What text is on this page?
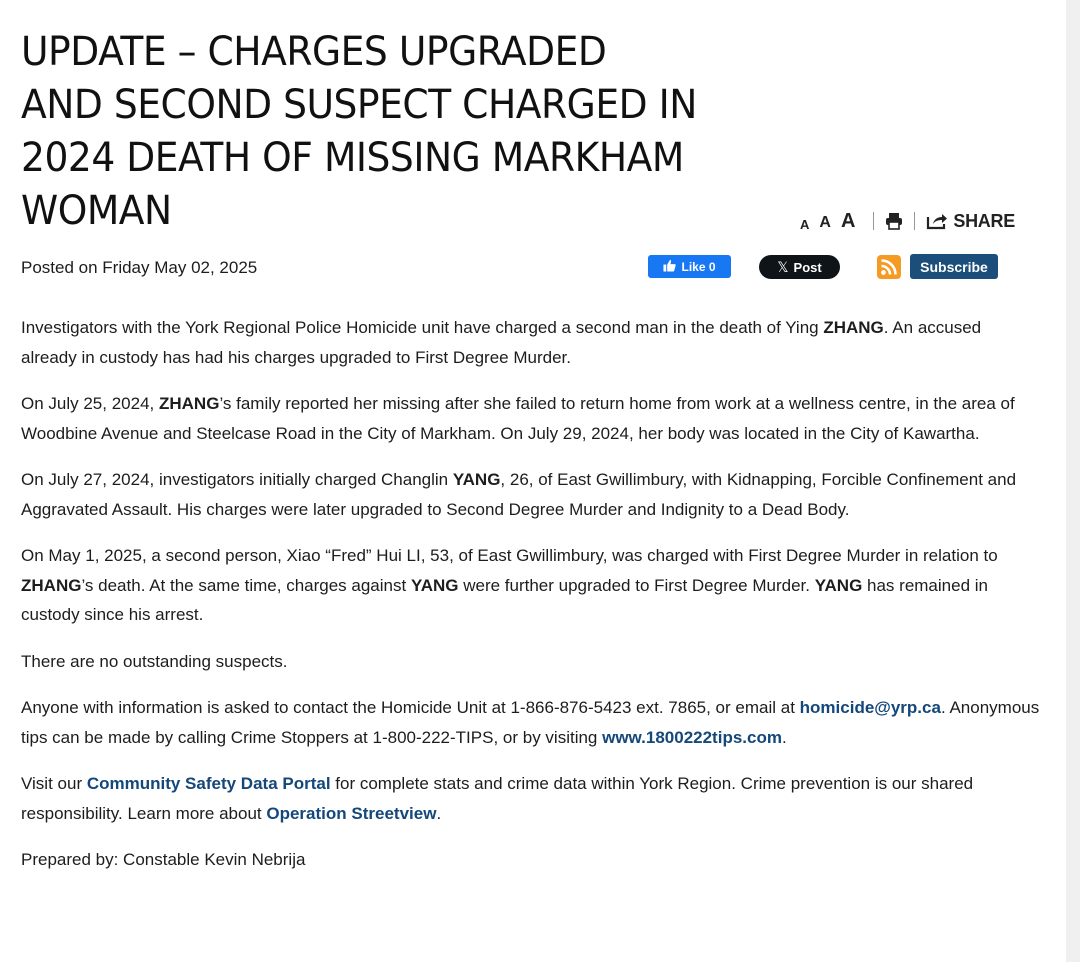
UPDATE – CHARGES UPGRADED AND SECOND SUSPECT CHARGED IN 2024 DEATH OF MISSING MARKHAM WOMAN	A A A	SHARE
Posted on Friday May 02, 2025	Like 0	𝕏 Post	Subscribe

Investigators with the York Regional Police Homicide unit have charged a second man in the death of Ying ZHANG. An accused already in custody has had his charges upgraded to First Degree Murder.

On July 25, 2024, ZHANG’s family reported her missing after she failed to return home from work at a wellness centre, in the area of Woodbine Avenue and Steelcase Road in the City of Markham. On July 29, 2024, her body was located in the City of Kawartha.

On July 27, 2024, investigators initially charged Changlin YANG, 26, of East Gwillimbury, with Kidnapping, Forcible Confinement and Aggravated Assault. His charges were later upgraded to Second Degree Murder and Indignity to a Dead Body.

On May 1, 2025, a second person, Xiao “Fred” Hui LI, 53, of East Gwillimbury, was charged with First Degree Murder in relation to ZHANG’s death. At the same time, charges against YANG were further upgraded to First Degree Murder. YANG has remained in custody since his arrest.

There are no outstanding suspects.

Anyone with information is asked to contact the Homicide Unit at 1-866-876-5423 ext. 7865, or email at homicide@yrp.ca. Anonymous tips can be made by calling Crime Stoppers at 1-800-222-TIPS, or by visiting www.1800222tips.com.

Visit our Community Safety Data Portal for complete stats and crime data within York Region. Crime prevention is our shared responsibility. Learn more about Operation Streetview.

Prepared by: Constable Kevin Nebrija
